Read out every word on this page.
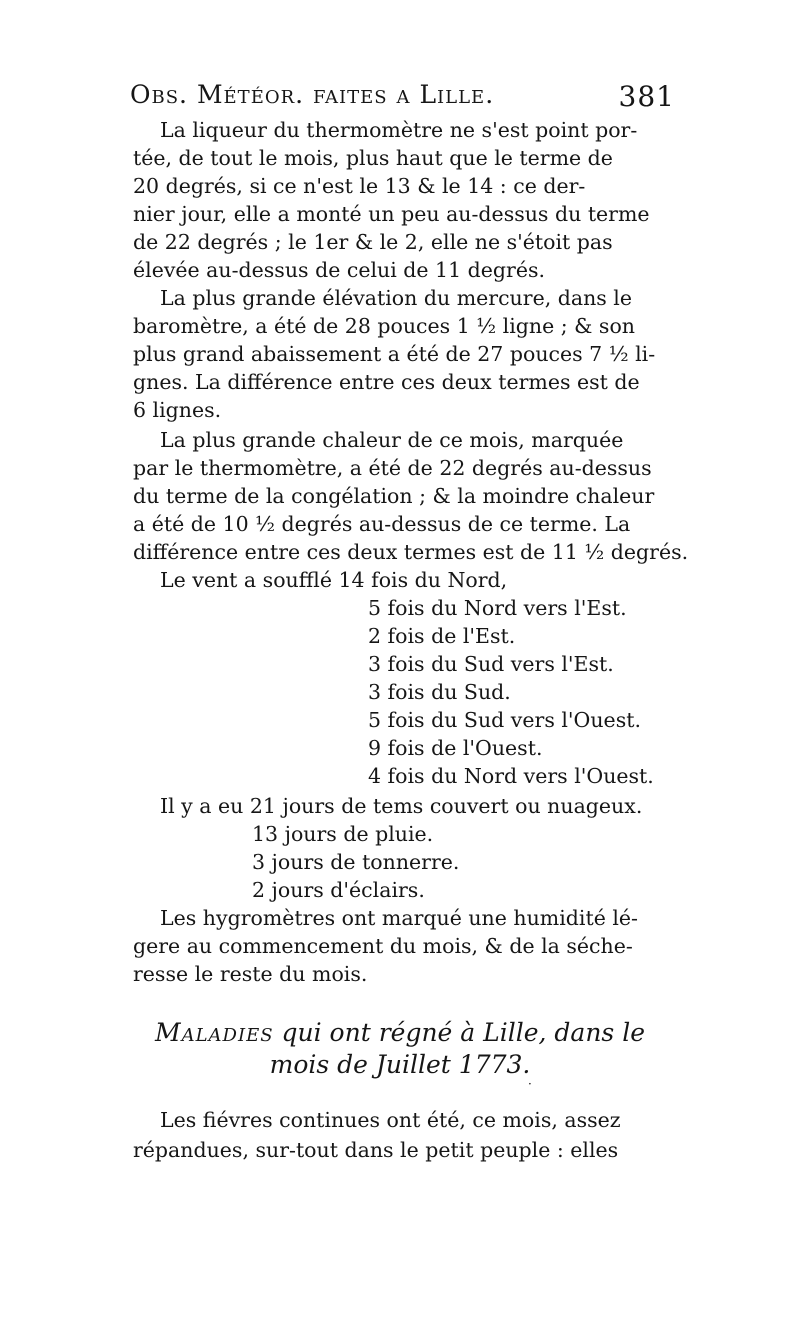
Obs. Météor. faites a Lille.	381
La liqueur du thermomètre ne s'est point por-
tée, de tout le mois, plus haut que le terme de
20 degrés, si ce n'est le 13 & le 14 : ce der-
nier jour, elle a monté un peu au-dessus du terme
de 22 degrés ; le 1er & le 2, elle ne s'étoit pas
élevée au-dessus de celui de 11 degrés.
La plus grande élévation du mercure, dans le
baromètre, a été de 28 pouces 1 ½ ligne ; & son
plus grand abaissement a été de 27 pouces 7 ½ li-
gnes. La différence entre ces deux termes est de
6 lignes.
La plus grande chaleur de ce mois, marquée
par le thermomètre, a été de 22 degrés au-dessus
du terme de la congélation ; & la moindre chaleur
a été de 10 ½ degrés au-dessus de ce terme. La
différence entre ces deux termes est de 11 ½ degrés.
Le vent a soufflé 14 fois du Nord,
5 fois du Nord vers l'Est.
2 fois de l'Est.
3 fois du Sud vers l'Est.
3 fois du Sud.
5 fois du Sud vers l'Ouest.
9 fois de l'Ouest.
4 fois du Nord vers l'Ouest.
Il y a eu 21 jours de tems couvert ou nuageux.
13 jours de pluie.
3 jours de tonnerre.
2 jours d'éclairs.
Les hygromètres ont marqué une humidité lé-
gere au commencement du mois, & de la séche-
resse le reste du mois.
Maladies qui ont régné à Lille, dans le
mois de Juillet 1773.
·
Les fiévres continues ont été, ce mois, assez
répandues, sur-tout dans le petit peuple : elles
